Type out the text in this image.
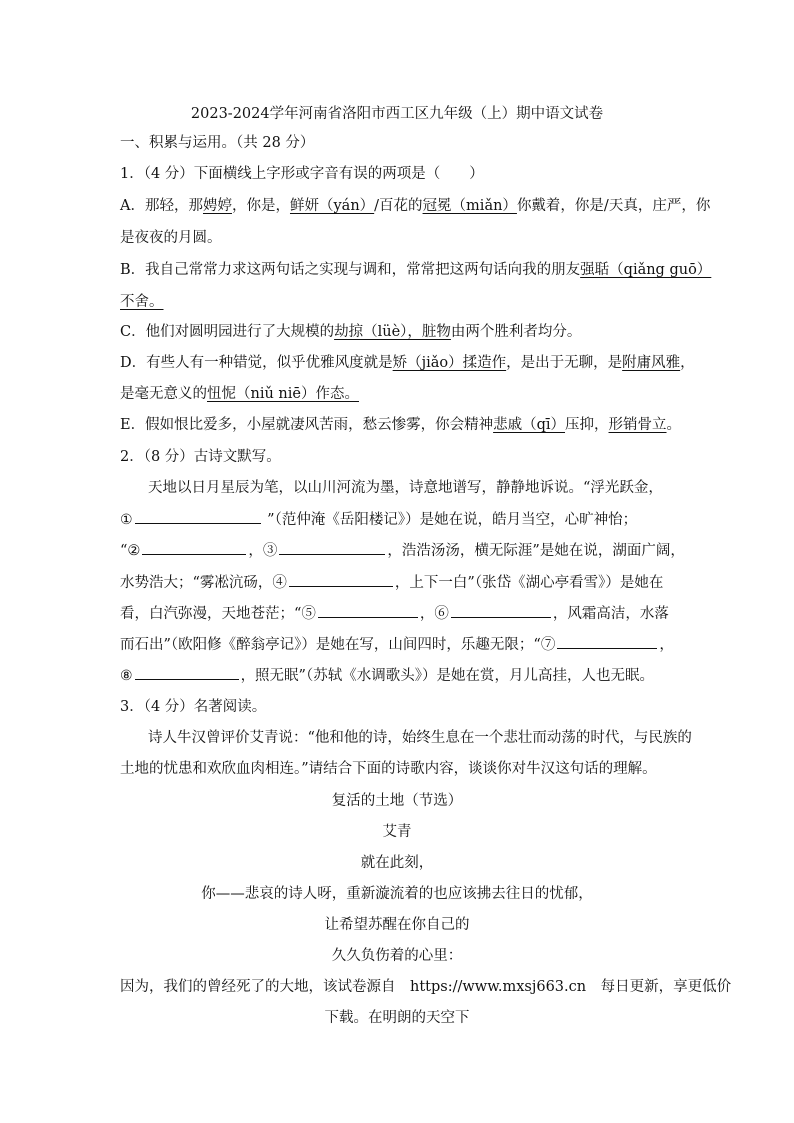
2023-2024学年河南省洛阳市西工区九年级（上）期中语文试卷
一、积累与运用。（共 28 分）
1．（4 分）下面横线上字形或字音有误的两项是（　　）
A．那轻，那娉婷，你是，鲜妍（yán）/百花的冠冕（miǎn）你戴着，你是/天真，庄严，你
是夜夜的月圆。
B．我自己常常力求这两句话之实现与调和，常常把这两句话向我的朋友强聒（qiǎng guō）
不舍。
C．他们对圆明园进行了大规模的劫掠（lüè），脏物由两个胜利者均分。
D．有些人有一种错觉，似乎优雅风度就是矫（jiǎo）揉造作，是出于无聊，是附庸风雅，
是毫无意义的忸怩（niǔ niē）作态。
E．假如恨比爱多，小屋就凄风苦雨，愁云惨雾，你会精神悲戚（qī）压抑，形销骨立。
2．（8 分）古诗文默写。
天地以日月星辰为笔，以山川河流为墨，诗意地谱写，静静地诉说。“浮光跃金，
①	”（范仲淹《岳阳楼记》）是她在说，皓月当空，心旷神怡；
“②	，③	，浩浩汤汤，横无际涯”是她在说，湖面广阔，
水势浩大；“雾凇沆砀，④	，上下一白”（张岱《湖心亭看雪》）是她在
看，白汽弥漫，天地苍茫；“⑤	，⑥	，风霜高洁，水落
而石出”（欧阳修《醉翁亭记》）是她在写，山间四时，乐趣无限；“⑦	，
⑧	，照无眠”（苏轼《水调歌头》）是她在赏，月儿高挂，人也无眠。
3．（4 分）名著阅读。
诗人牛汉曾评价艾青说：“他和他的诗，始终生息在一个悲壮而动荡的时代，与民族的
土地的忧患和欢欣血肉相连。”请结合下面的诗歌内容，谈谈你对牛汉这句话的理解。
复活的土地（节选）
艾青
就在此刻，
你——悲哀的诗人呀，重新漩流着的也应该拂去往日的忧郁，
让希望苏醒在你自己的
久久负伤着的心里：
因为，我们的曾经死了的大地，该试卷源自　https://www.mxsj663.cn　每日更新，享更低价
下载。在明朗的天空下
